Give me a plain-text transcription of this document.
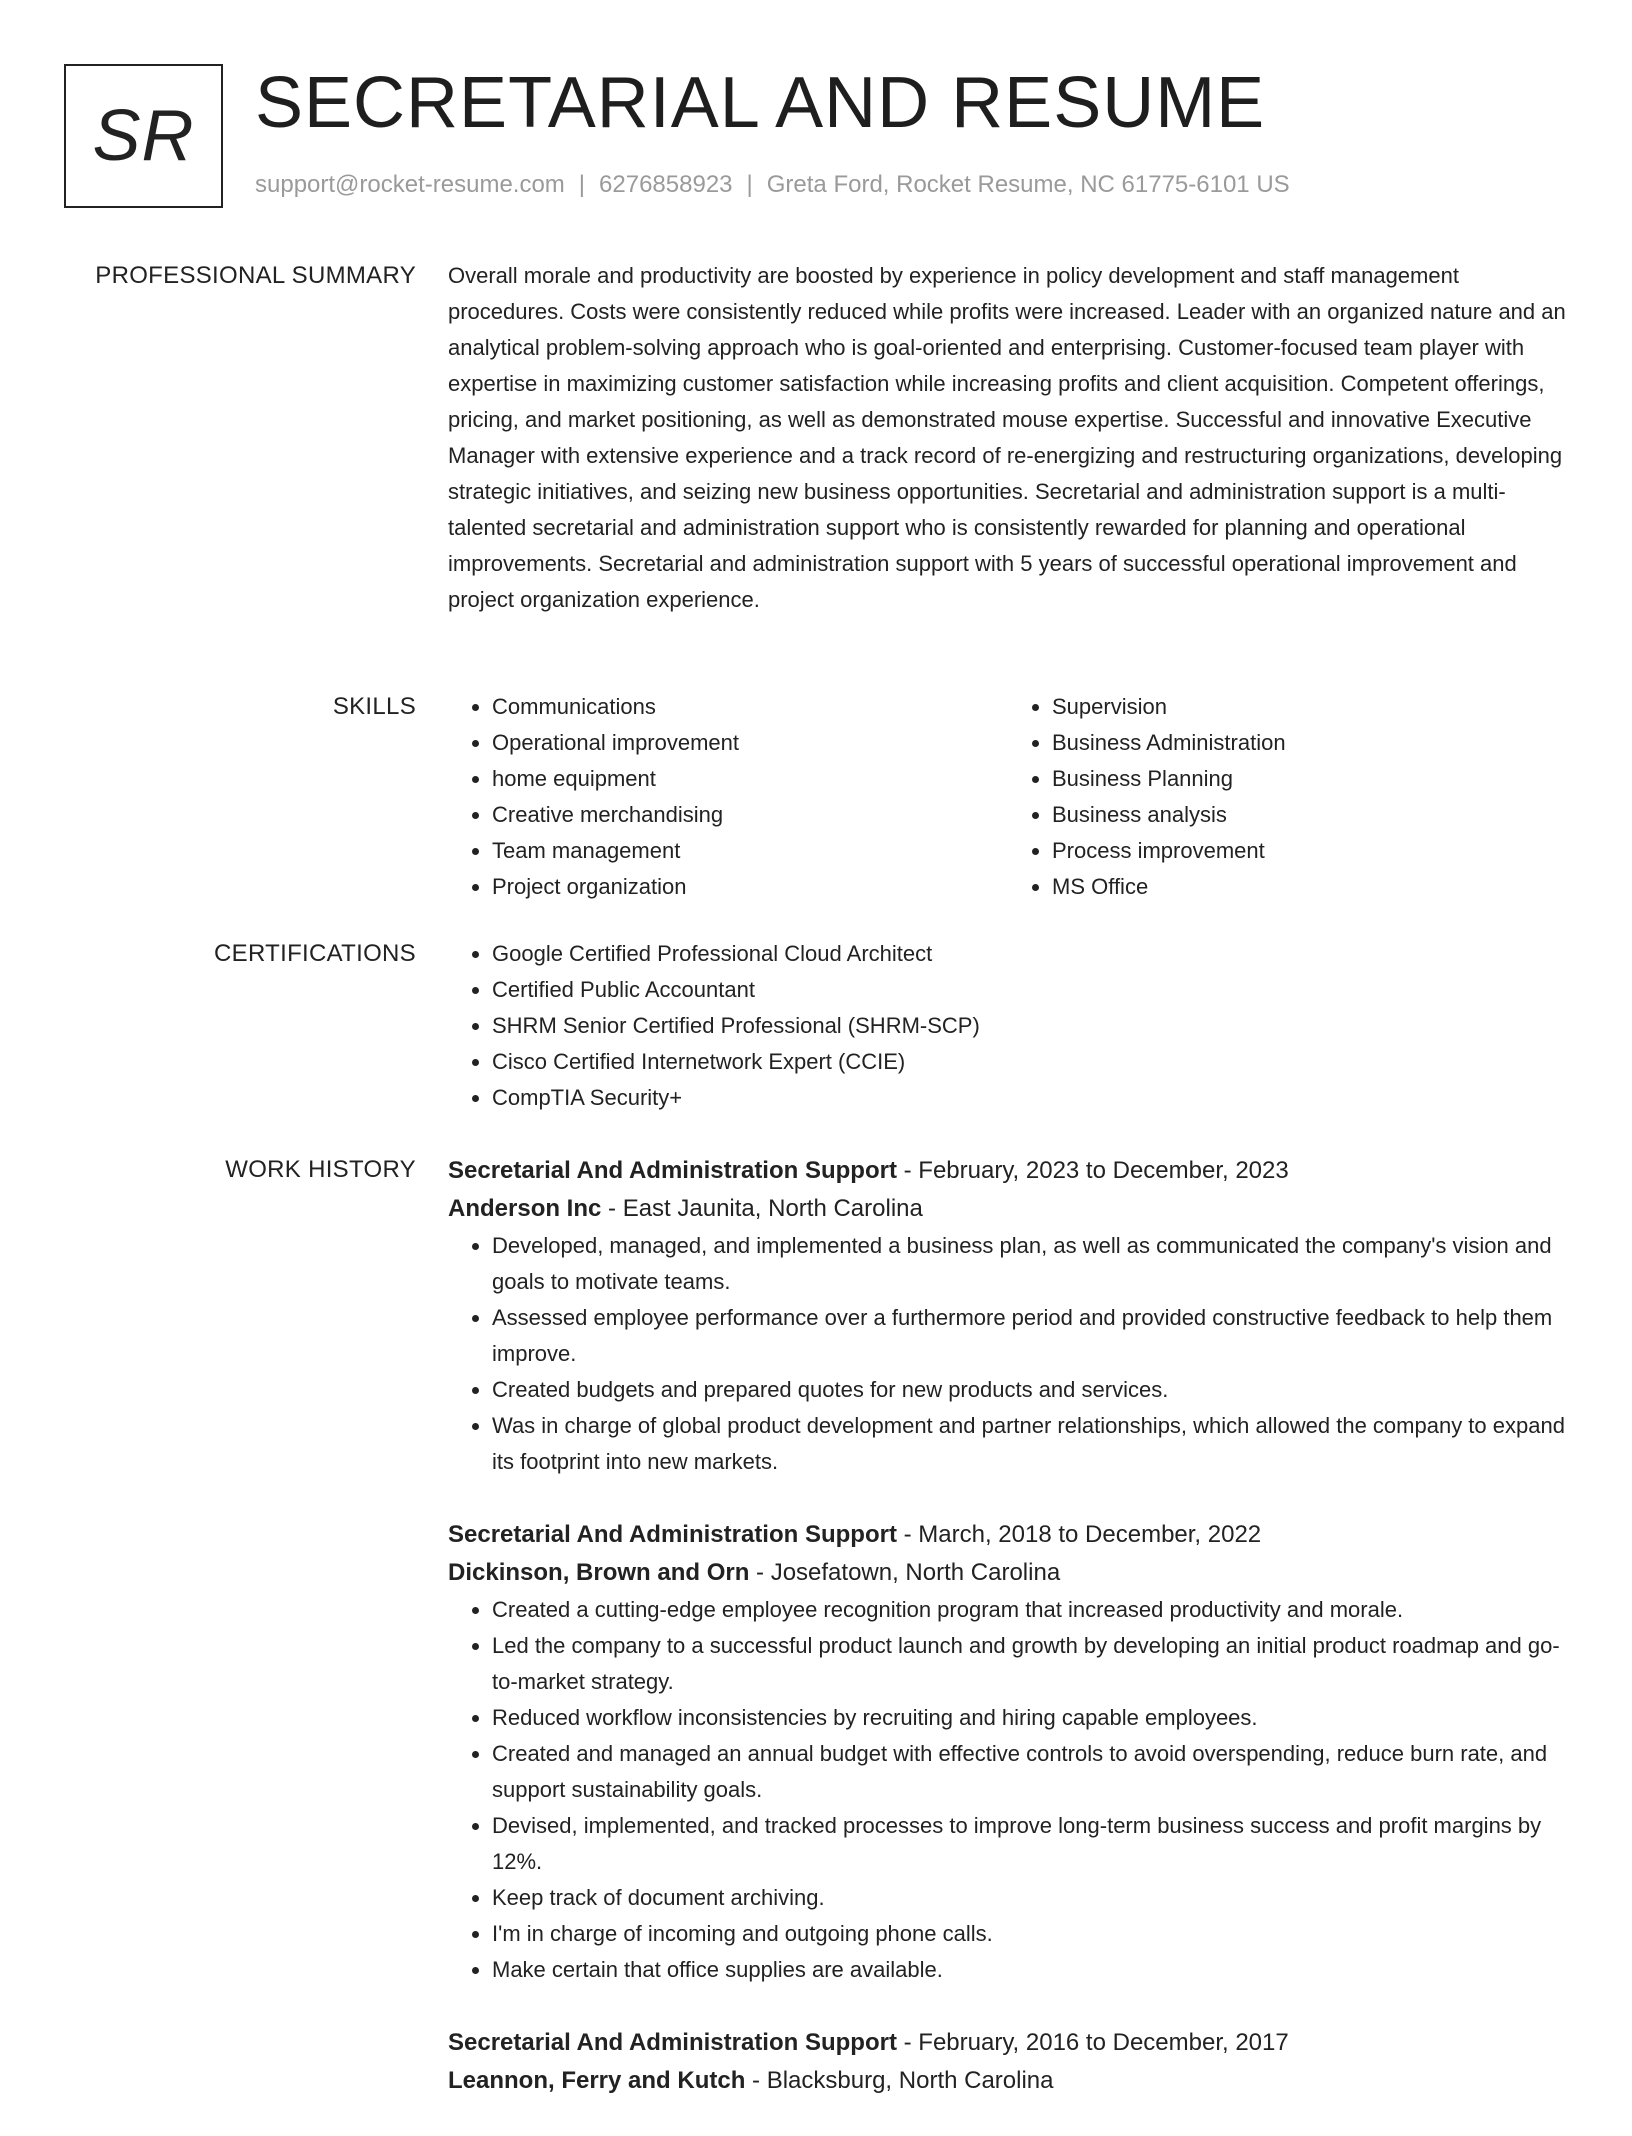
SR SECRETARIAL AND RESUME
support@rocket-resume.com | 6276858923 | Greta Ford, Rocket Resume, NC 61775-6101 US
PROFESSIONAL SUMMARY Overall morale and productivity are boosted by experience in policy development and staff management procedures. Costs were consistently reduced while profits were increased. Leader with an organized nature and an analytical problem-solving approach who is goal-oriented and enterprising. Customer-focused team player with expertise in maximizing customer satisfaction while increasing profits and client acquisition. Competent offerings, pricing, and market positioning, as well as demonstrated mouse expertise. Successful and innovative Executive Manager with extensive experience and a track record of re-energizing and restructuring organizations, developing strategic initiatives, and seizing new business opportunities. Secretarial and administration support is a multi-talented secretarial and administration support who is consistently rewarded for planning and operational improvements. Secretarial and administration support with 5 years of successful operational improvement and project organization experience.
SKILLS	• Communications
• Operational improvement
• home equipment
• Creative merchandising
• Team management
• Project organization
• Supervision
• Business Administration
• Business Planning
• Business analysis
• Process improvement
• MS Office
CERTIFICATIONS	• Google Certified Professional Cloud Architect
• Certified Public Accountant
• SHRM Senior Certified Professional (SHRM-SCP)
• Cisco Certified Internetwork Expert (CCIE)
• CompTIA Security+
WORK HISTORY Secretarial And Administration Support - February, 2023 to December, 2023
Anderson Inc - East Jaunita, North Carolina
• Developed, managed, and implemented a business plan, as well as communicated the company's vision and goals to motivate teams.
• Assessed employee performance over a furthermore period and provided constructive feedback to help them improve.
• Created budgets and prepared quotes for new products and services.
• Was in charge of global product development and partner relationships, which allowed the company to expand its footprint into new markets.
Secretarial And Administration Support - March, 2018 to December, 2022
Dickinson, Brown and Orn - Josefatown, North Carolina
• Created a cutting-edge employee recognition program that increased productivity and morale.
• Led the company to a successful product launch and growth by developing an initial product roadmap and go-to-market strategy.
• Reduced workflow inconsistencies by recruiting and hiring capable employees.
• Created and managed an annual budget with effective controls to avoid overspending, reduce burn rate, and support sustainability goals.
• Devised, implemented, and tracked processes to improve long-term business success and profit margins by 12%.
• Keep track of document archiving.
• I'm in charge of incoming and outgoing phone calls.
• Make certain that office supplies are available.
Secretarial And Administration Support - February, 2016 to December, 2017
Leannon, Ferry and Kutch - Blacksburg, North Carolina
